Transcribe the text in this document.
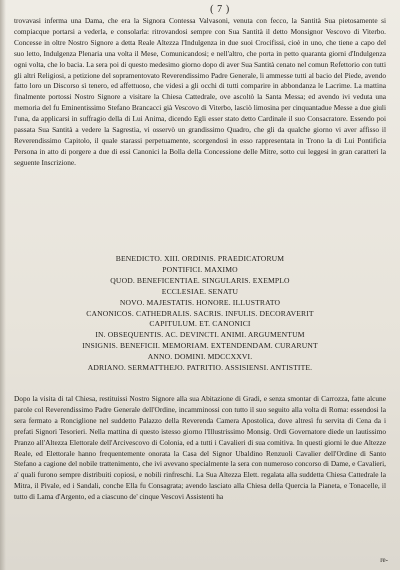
( 7 )
trovavasi inferma una Dama, che era la Signora Contessa Valvasoni, venuta con fecco, la Santità Sua pietosamente si compiacque portarsi a vederla, e consolarla: ritrovandosi sempre con Sua Santità il detto Monsignor Vescovo di Viterbo. Concesse in oltre Nostro Signore a detta Reale Altezza l'Indulgenza in due suoi Crocifissi, cioè in uno, che tiene a capo del suo letto, Indulgenza Plenaria una volta il Mese, Comunicandosi; e nell'altro, che porta in petto quaranta giorni d'Indulgenza ogni volta, che lo bacia. La sera poi di questo medesimo giorno dopo di aver Sua Santità cenato nel comun Refettorio con tutti gli altri Religiosi, a petizione del sopramentovato Reverendissimo Padre Generale, li ammesse tutti al bacio del Piede, avendo fatto loro un Discorso sì tenero, ed affettuoso, che videsi a gli occhi di tutti comparire in abbondanza le Lacrime. La mattina finalmente portossi Nostro Signore a visitare la Chiesa Cattedrale, ove ascoltò la Santa Messa; ed avendo ivi veduta una memoria del fu Eminentissimo Stefano Brancacci già Vescovo di Viterbo, lasciò limosina per cinquantadue Messe a due giuli l'una, da applicarsi in suffragio della di Lui Anima, dicendo Egli esser stato detto Cardinale il suo Consacratore. Essendo poi passata Sua Santità a vedere la Sagrestia, vi osservò un grandissimo Quadro, che gli da qualche giorno vi aver affisso il Reverendissimo Capitolo, il quale starassi perpetuamente, scorgendosi in esso rappresentata in Trono la di Lui Pontificia Persona in atto di porgere a due di essi Canonici la Bolla della Concessione delle Mitre, sotto cui leggesi in gran caratteri la seguente Inscrizione.
BENEDICTO. XIII. ORDINIS. PRAEDICATORUM
PONTIFICI. MAXIMO
QUOD. BENEFICENTIAE. SINGULARIS. EXEMPLO
ECCLESIAE. SENATU
NOVO. MAJESTATIS. HONORE. ILLUSTRATO
CANONICOS. CATHEDRALIS. SACRIS. INFULIS. DECORAVERIT
CAPITULUM. ET. CANONICI
IN. OBSEQUENTIS. AC. DEVINCTI. ANIMI. ARGUMENTUM
INSIGNIS. BENEFICII. MEMORIAM. EXTENDENDAM. CURARUNT
ANNO. DOMINI. MDCCXXVI.
ADRIANO. SERMATTHEJO. PATRITIO. ASSISIENSI. ANTISTITE.
Dopo la visita di tal Chiesa, restituissi Nostro Signore alla sua Abitazione di Gradi, e senza smontar di Carrozza, fatte alcune parole col Reverendissimo Padre Generale dell'Ordine, incamminossi con tutto il suo seguito alla volta di Roma: essendosi la sera fermato a Ronciglione nel suddetto Palazzo della Reverenda Camera Apostolica, dove altresì fu servita di Cena da i prefati Signori Tesorieri. Nella mattina di questo istesso giorno l'Illustrissimo Monsig. Ordi Governatore diede un lautissimo Pranzo all'Altezza Elettorale dell'Arcivescovo di Colonia, ed a tutti i Cavalieri di sua comitiva. In questi giorni le due Altezze Reale, ed Elettorale hanno frequentemente onorata la Casa del Signor Ubaldino Renzuoli Cavalier dell'Ordine di Santo Stefano a cagione del nobile trattenimento, che ivi avevano specialmente la sera con numeroso concorso di Dame, e Cavalieri, a' quali furono sempre distribuiti copiosi, e nobili rinfreschi. La Sua Altezza Elett. regalata alla suddetta Chiesa Cattedrale la Mitra, il Pivale, ed i Sandali, conche Ella fu Consagrata; avendo lasciato alla Chiesa della Quercia la Pianeta, e Tonacelle, il tutto di Lama d'Argento, ed a ciascuno de' cinque Vescovi Assistenti ha
re-
